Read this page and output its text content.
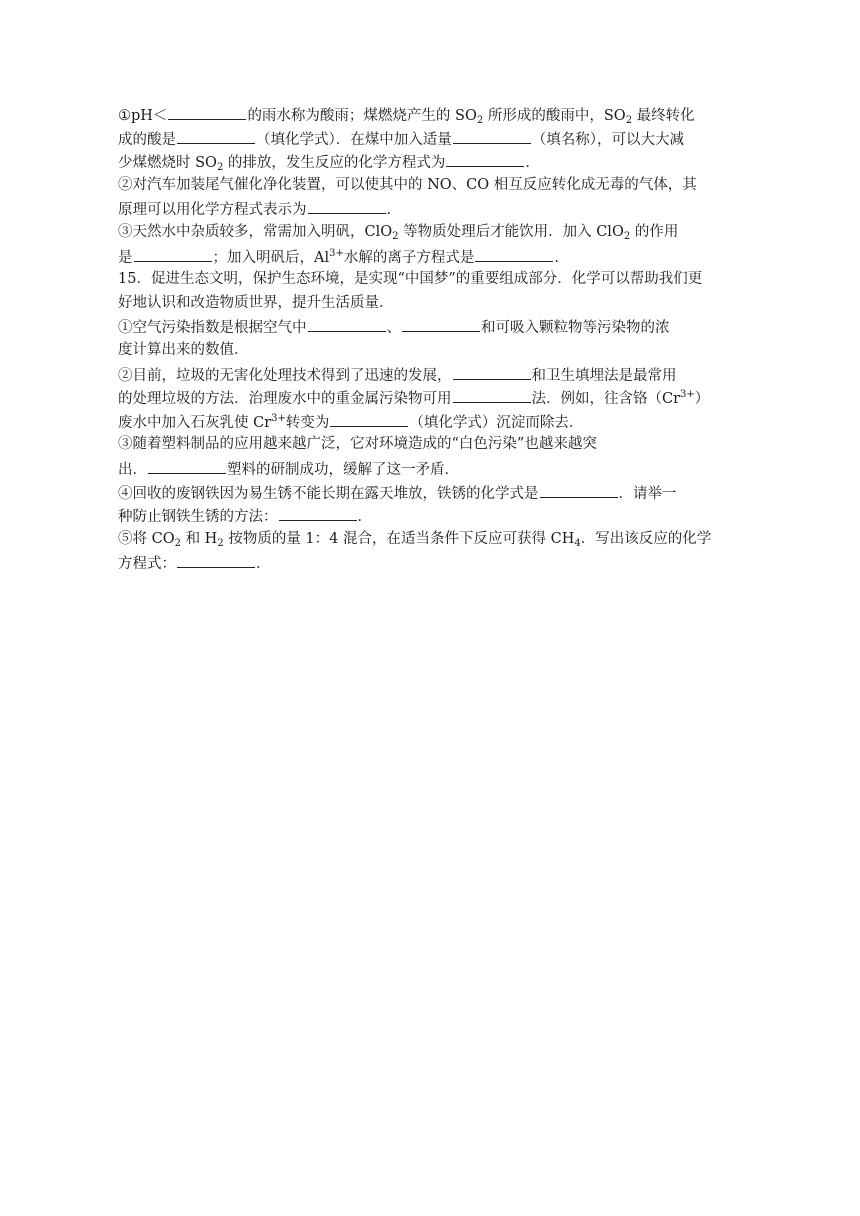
①pH＜	的雨水称为酸雨；煤燃烧产生的 $SO_2$ 所形成的酸雨中，$SO_2$ 最终转化
成的酸是	（填化学式）．在煤中加入适量	（填名称），可以大大减
少煤燃烧时 $SO_2$ 的排放，发生反应的化学方程式为	．
②对汽车加装尾气催化净化装置，可以使其中的 NO、CO 相互反应转化成无毒的气体，其
原理可以用化学方程式表示为	．
③天然水中杂质较多，常需加入明矾，ClO$_2$ 等物质处理后才能饮用．加入 ClO$_2$ 的作用
是	；加入明矾后，$Al^{3+}$水解的离子方程式是	．
15．促进生态文明，保护生态环境，是实现“中国梦”的重要组成部分．化学可以帮助我们更
好地认识和改造物质世界，提升生活质量．
①空气污染指数是根据空气中	、	和可吸入颗粒物等污染物的浓
度计算出来的数值．
②目前，垃圾的无害化处理技术得到了迅速的发展，	和卫生填埋法是最常用
的处理垃圾的方法．治理废水中的重金属污染物可用	法．例如，往含铬$(Cr^{3+})$
废水中加入石灰乳使 $Cr^{3+}$转变为	（填化学式）沉淀而除去．
③随着塑料制品的应用越来越广泛，它对环境造成的“白色污染”也越来越突
出．	塑料的研制成功，缓解了这一矛盾．
④回收的废钢铁因为易生锈不能长期在露天堆放，铁锈的化学式是	．请举一
种防止钢铁生锈的方法：	．
⑤将 $CO_2$ 和 $H_2$ 按物质的量 1：4 混合，在适当条件下反应可获得 $CH_4$．写出该反应的化学
方程式：	．
